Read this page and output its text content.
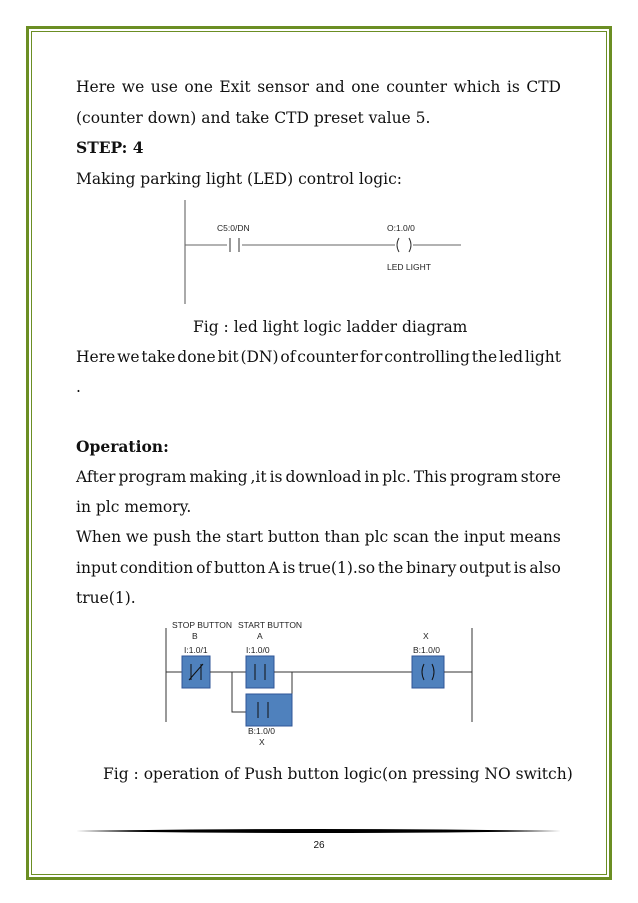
Here we use one Exit sensor and one counter which is CTD
(counter down) and take CTD preset value 5.
STEP: 4
Making parking light (LED) control logic:
C5:0/DN	O:1.0/0
LED LIGHT
Fig : led light logic ladder diagram
Here we take done bit (DN) of counter for controlling the led light
.
Operation:
After program making ,it is download in plc. This program store
in plc memory.
When we push the start button than plc scan the input means
input condition of button A is true(1).so the binary output is also
true(1).
STOP BUTTON
B
I:1.0/1
START BUTTON
A
I:1.0/0
X
B:1.0/0
B:1.0/0
X
Fig : operation of Push button logic(on pressing NO switch)
26
